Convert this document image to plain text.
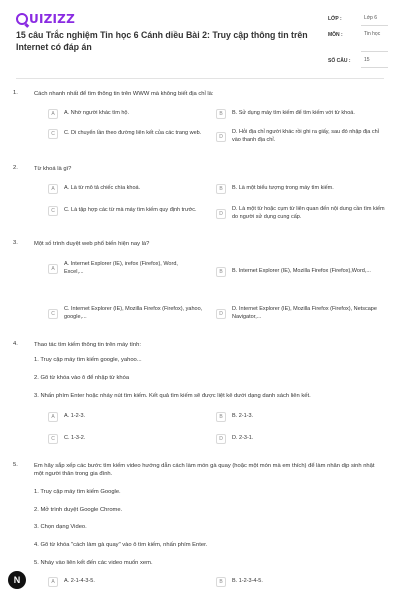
UIZIZZ
15 câu Trắc nghiệm Tin học 6 Cánh diều Bài 2: Truy cập thông tin trên Internet có đáp án
LỚP :	Lớp 6
MÔN :	Tin học
SỐ CÂU :	15
1.	Cách nhanh nhất để tìm thông tin trên WWW mà không biết địa chỉ là:
A	A. Nhờ người khác tìm hộ.	B	B. Sử dụng máy tìm kiếm để tìm kiếm với từ khoá.
C	C. Di chuyển lần theo đường liên kết của các trang web.
D
D. Hỏi địa chỉ người khác rồi ghi ra giấy, sau đó nhập địa chỉ vào thanh địa chỉ.
2.	Từ khoá là gì?
A	A. Là từ mô tả chiếc chìa khoá.	B	B. Là một biểu tượng trong máy tìm kiếm.
C	C. Là tập hợp các từ mà máy tìm kiếm quy định trước.
D
D. Là một từ hoặc cụm từ liên quan đến nội dung cần tìm kiếm do người sử dụng cung cấp.
3.	Một số trình duyệt web phổ biến hiện nay là?
A
A. Internet Explorer (IE), irefox (Firefox), Word, Excel,...	B	B. Internet Explorer (IE), Mozilla Firefox (Firefox),Word,...
C
C. Internet Explorer (IE), Mozilla Firefox (Firefox), yahoo, google,...	D
D. Internet Explorer (IE), Mozilla Firefox (Firefox), Netscape Navigator,...
4.	Thao tác tìm kiếm thông tin trên máy tính:
1. Truy cập máy tìm kiếm google, yahoo...
2. Gõ từ khóa vào ô để nhập từ khóa
3. Nhấn phím Enter hoặc nháy nút tìm kiếm. Kết quả tìm kiếm sẽ được liệt kê dưới dạng danh sách liên kết.
A	A. 1-2-3.	B	B. 2-1-3.
C	C. 1-3-2.	D	D. 2-3-1.
5.	Em hãy sắp xếp các bước tìm kiếm video hướng dẫn cách làm món gà quay (hoặc một món mà em thích) để làm nhân dịp sinh nhật một người thân trong gia đình.
1. Truy cập máy tìm kiếm Google.
2. Mở trình duyệt Google Chrome.
3. Chọn dạng Video.
4. Gõ từ khóa "cách làm gà quay" vào ô tìm kiếm, nhấn phím Enter.
5. Nháy vào liên kết đến các video muốn xem.
A	A. 2-1-4-3-5.	B	B. 1-2-3-4-5.
N
